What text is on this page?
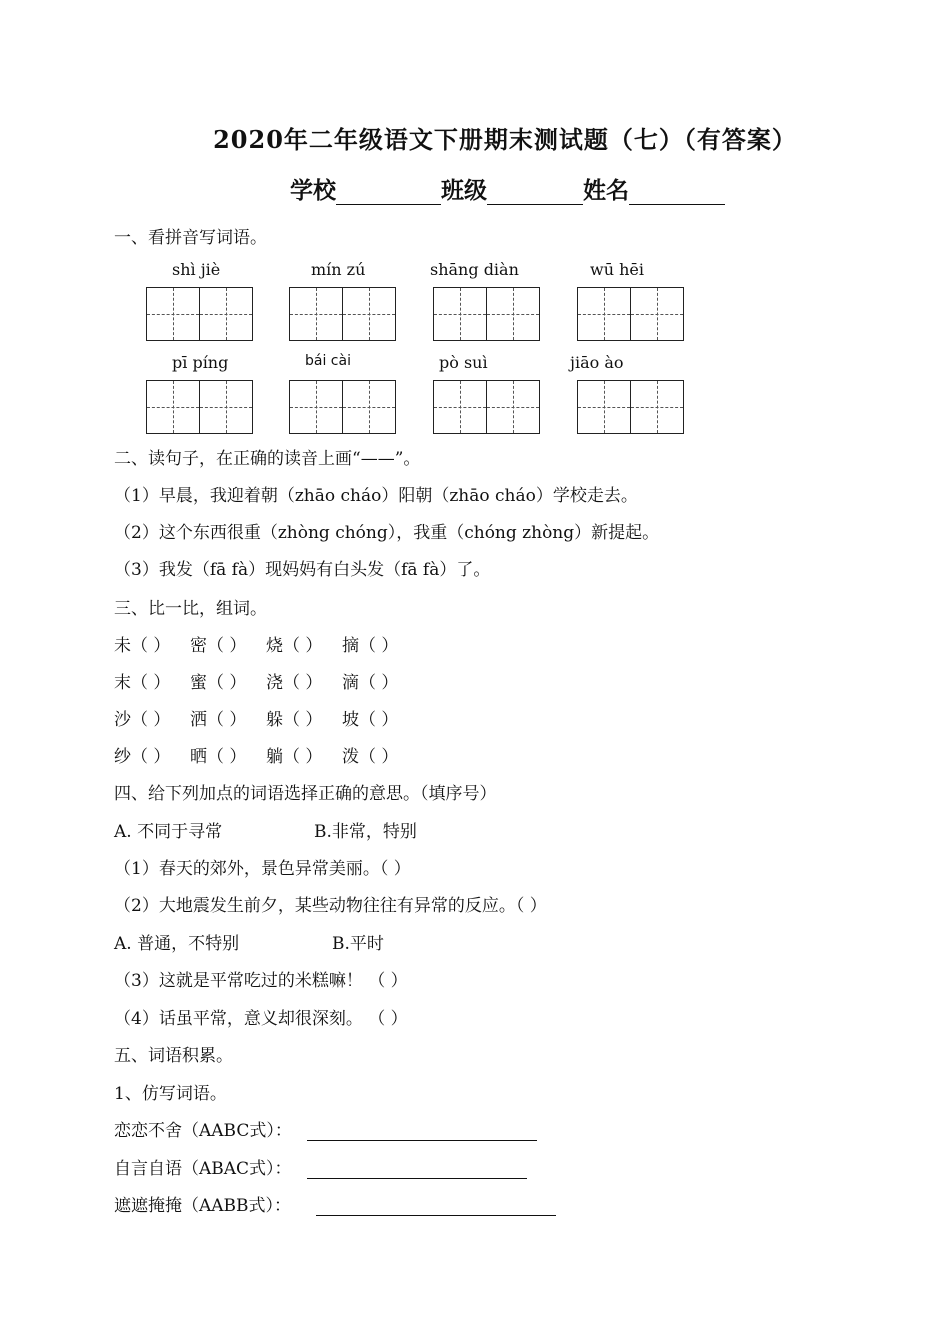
2020年二年级语文下册期末测试题（七）（有答案）
学校	班级	姓名
一、看拼音写词语。
shì jiè	mín zú	shāng diàn	wū hēi
pī píng	bái cài	pò suì	jiāo ào
二、读句子，在正确的读音上画“——”。
（1）早晨，我迎着朝（zhāo cháo）阳朝（zhāo cháo）学校走去。
（2）这个东西很重（zhòng chóng），我重（chóng zhòng）新提起。
（3）我发（fā fà）现妈妈有白头发（fā fà）了。
三、比一比，组词。
未（ ） 密（ ） 烧（ ） 摘（ ）
末（ ） 蜜（ ） 浇（ ） 滴（ ）
沙（ ） 洒（ ） 躲（ ） 坡（ ）
纱（ ） 晒（ ） 躺（ ） 泼（ ）
四、给下列加点的词语选择正确的意思。（填序号）
A. 不同于寻常	B.非常，特别
（1）春天的郊外，景色异常美丽。（ ）
（2）大地震发生前夕，某些动物往往有异常的反应。（ ）
A. 普通，不特别	B.平时
（3）这就是平常吃过的米糕嘛！ （ ）
（4）话虽平常，意义却很深刻。 （ ）
五、词语积累。
1、仿写词语。
恋恋不舍（AABC式）：
自言自语（ABAC式）：
遮遮掩掩（AABB式）：
